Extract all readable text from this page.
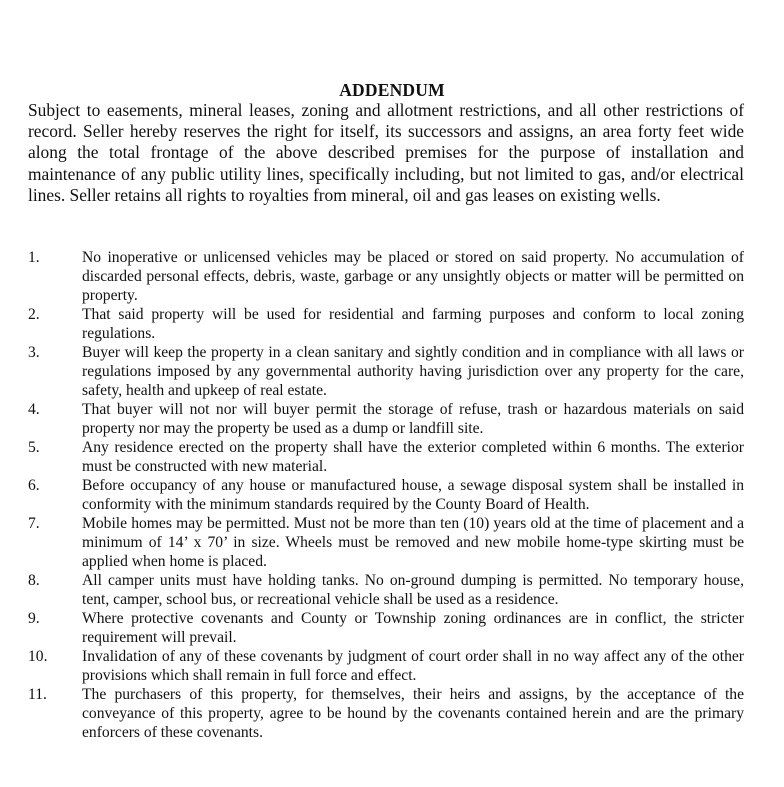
ADDENDUM
Subject to easements, mineral leases, zoning and allotment restrictions, and all other restrictions of record. Seller hereby reserves the right for itself, its successors and assigns, an area forty feet wide along the total frontage of the above described premises for the purpose of installation and maintenance of any public utility lines, specifically including, but not limited to gas, and/or electrical lines. Seller retains all rights to royalties from mineral, oil and gas leases on existing wells.
1.	No inoperative or unlicensed vehicles may be placed or stored on said property. No accumulation of discarded personal effects, debris, waste, garbage or any unsightly objects or matter will be permitted on property.
2.	That said property will be used for residential and farming purposes and conform to local zoning regulations.
3.	Buyer will keep the property in a clean sanitary and sightly condition and in compliance with all laws or regulations imposed by any governmental authority having jurisdiction over any property for the care, safety, health and upkeep of real estate.
4.	That buyer will not nor will buyer permit the storage of refuse, trash or hazardous materials on said property nor may the property be used as a dump or landfill site.
5.	Any residence erected on the property shall have the exterior completed within 6 months. The exterior must be constructed with new material.
6.	Before occupancy of any house or manufactured house, a sewage disposal system shall be installed in conformity with the minimum standards required by the County Board of Health.
7.	Mobile homes may be permitted. Must not be more than ten (10) years old at the time of placement and a minimum of 14’ x 70’ in size. Wheels must be removed and new mobile home-type skirting must be applied when home is placed.
8.	All camper units must have holding tanks. No on-ground dumping is permitted. No temporary house, tent, camper, school bus, or recreational vehicle shall be used as a residence.
9.	Where protective covenants and County or Township zoning ordinances are in conflict, the stricter requirement will prevail.
10.	Invalidation of any of these covenants by judgment of court order shall in no way affect any of the other provisions which shall remain in full force and effect.
11.	The purchasers of this property, for themselves, their heirs and assigns, by the acceptance of the conveyance of this property, agree to be hound by the covenants contained herein and are the primary enforcers of these covenants.
